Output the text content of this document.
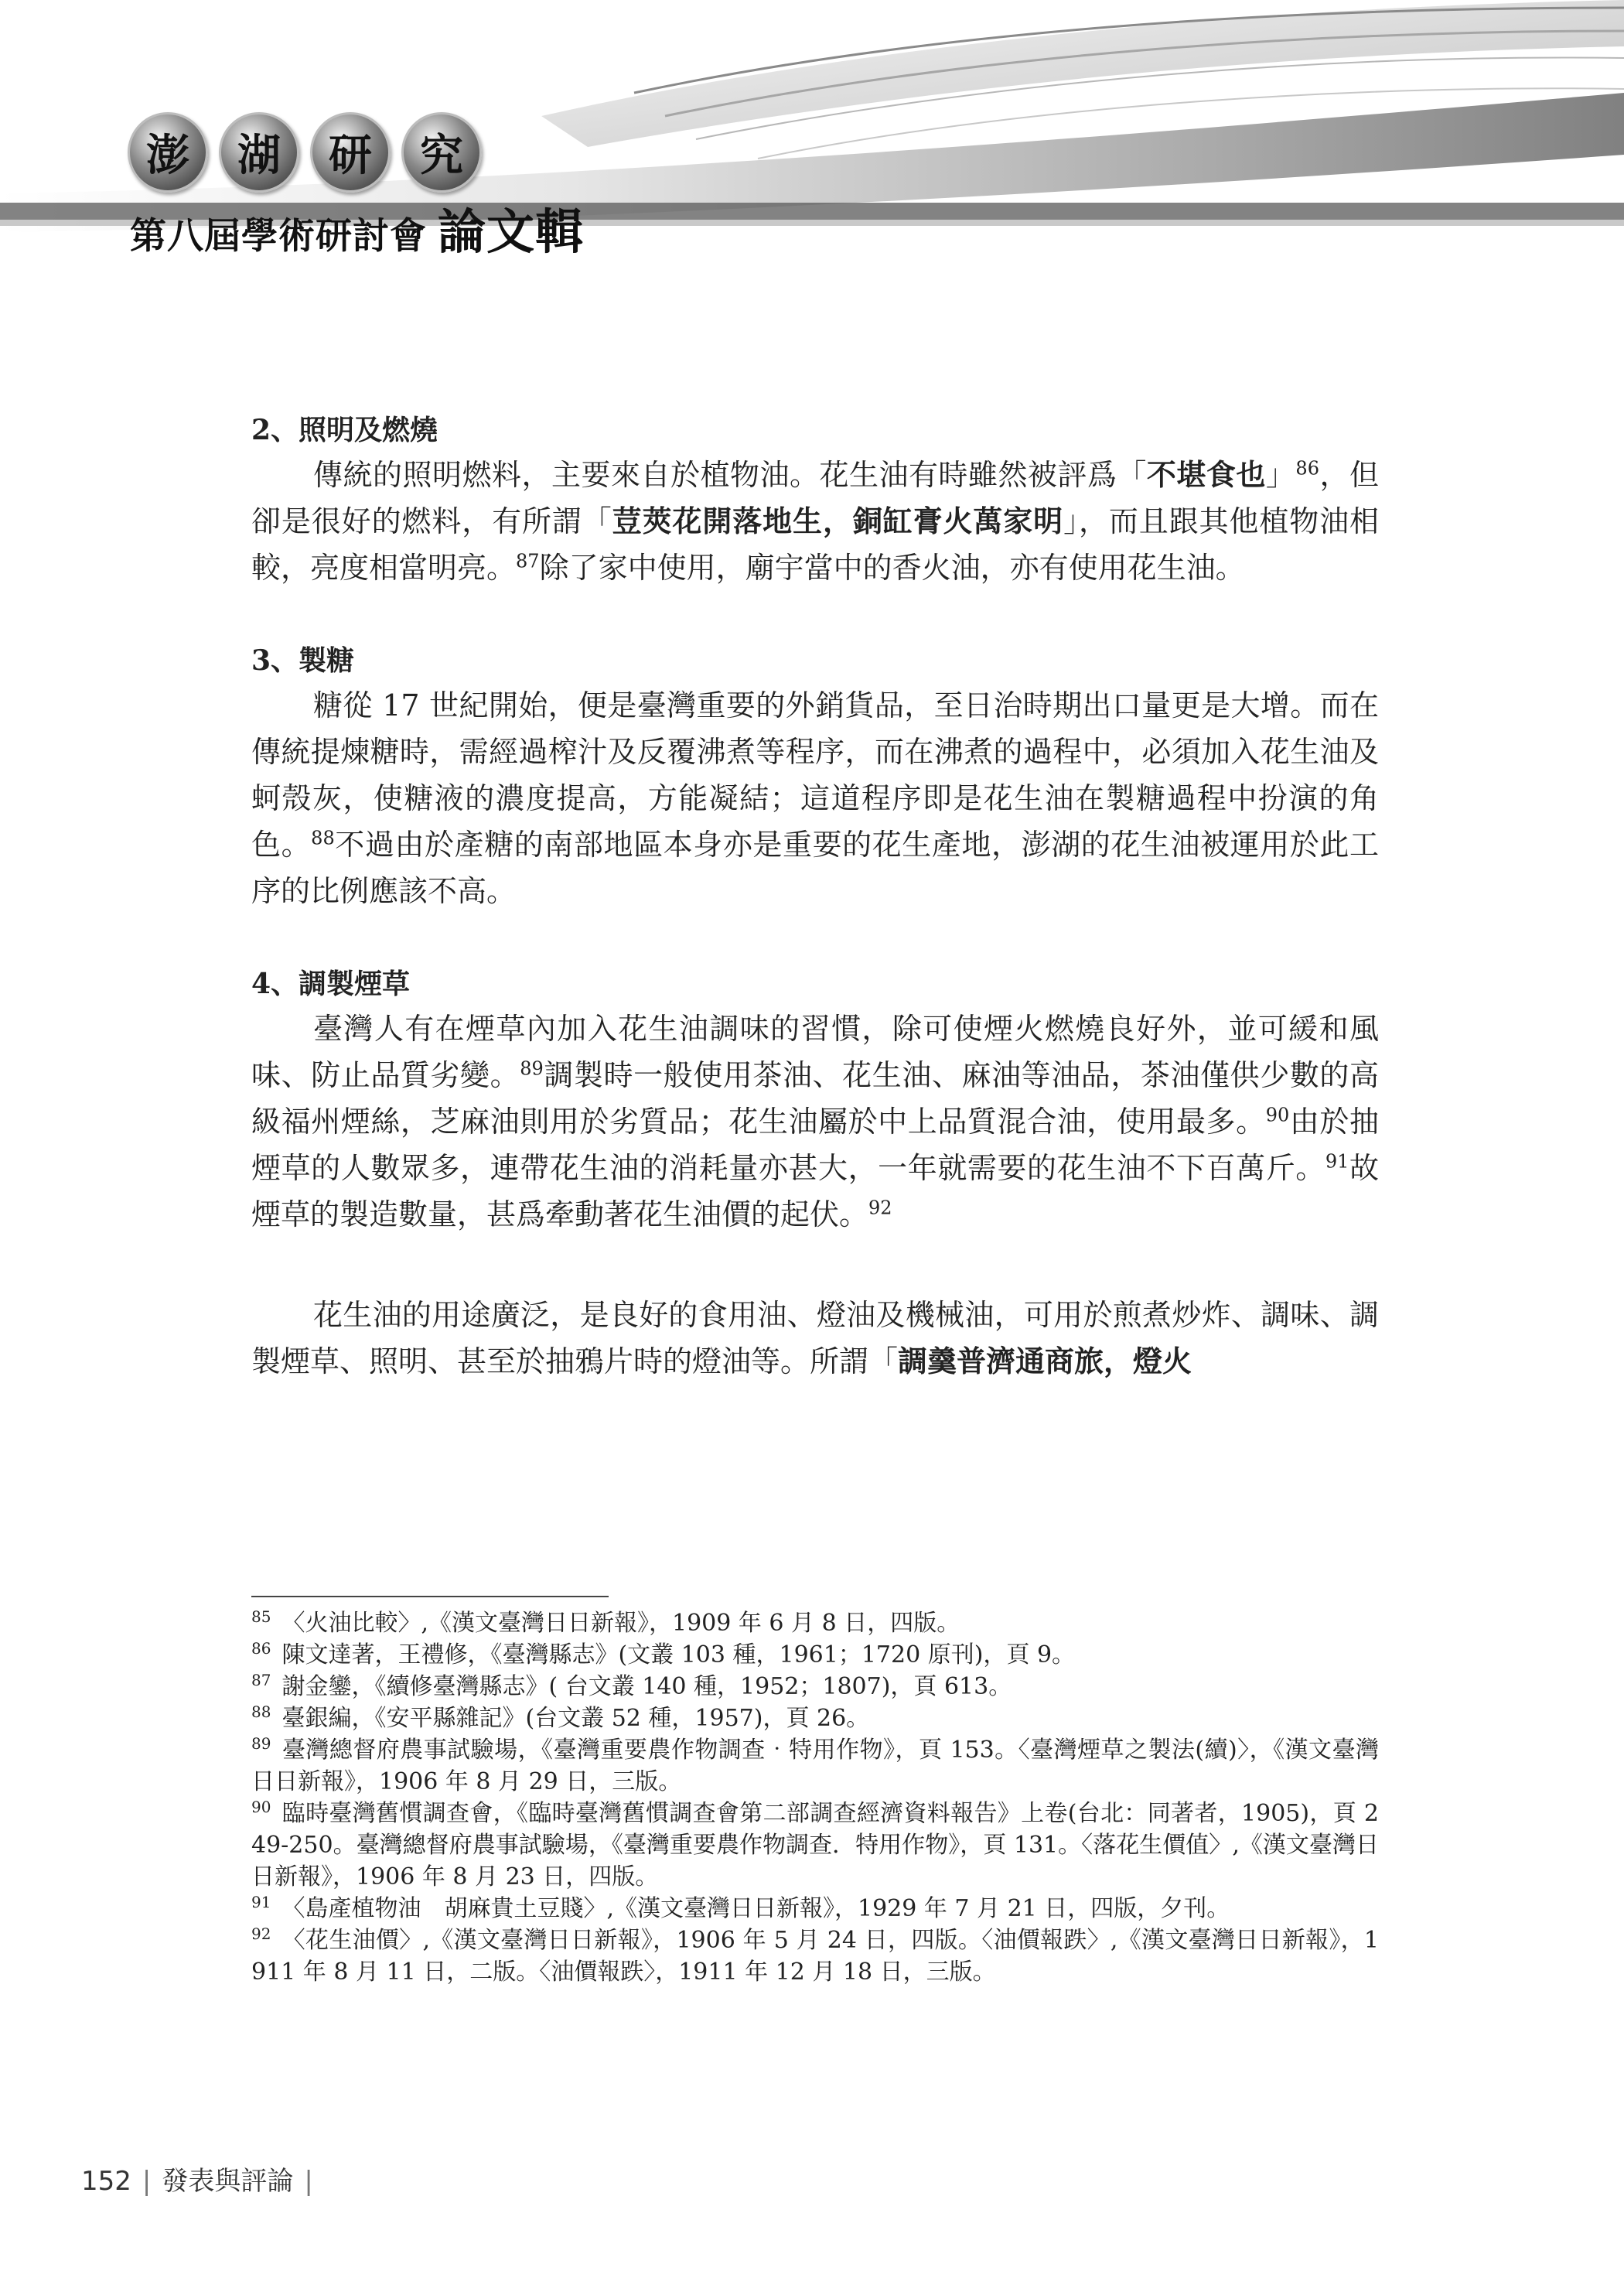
澎	湖	研	究
第八屆學術研討會 論文輯
2、照明及燃燒

傳統的照明燃料，主要來自於植物油。花生油有時雖然被評爲「不堪食也」$^{86}$，但卻是很好的燃料，有所謂「荳莢花開落地生，銅缸膏火萬家明」，而且跟其他植物油相較，亮度相當明亮。$^{87}$除了家中使用，廟宇當中的香火油，亦有使用花生油。

3、製糖

糖從 17 世紀開始，便是臺灣重要的外銷貨品，至日治時期出口量更是大增。而在傳統提煉糖時，需經過榨汁及反覆沸煮等程序，而在沸煮的過程中，必須加入花生油及蚵殼灰，使糖液的濃度提高，方能凝結；這道程序即是花生油在製糖過程中扮演的角色。$^{88}$不過由於產糖的南部地區本身亦是重要的花生產地，澎湖的花生油被運用於此工序的比例應該不高。

4、調製煙草

臺灣人有在煙草內加入花生油調味的習慣，除可使煙火燃燒良好外，並可緩和風味、防止品質劣變。$^{89}$調製時一般使用茶油、花生油、麻油等油品，茶油僅供少數的高級福州煙絲，芝麻油則用於劣質品；花生油屬於中上品質混合油，使用最多。$^{90}$由於抽煙草的人數眾多，連帶花生油的消耗量亦甚大，一年就需要的花生油不下百萬斤。$^{91}$故煙草的製造數量，甚爲牽動著花生油價的起伏。$^{92}$

花生油的用途廣泛，是良好的食用油、燈油及機械油，可用於煎煮炒炸、調味、調製煙草、照明、甚至於抽鴉片時的燈油等。所謂「調羹普濟通商旅，燈火

$^{85}$ 〈火油比較〉,《漢文臺灣日日新報》，1909 年 6 月 8 日，四版。

$^{86}$ 陳文達著，王禮修，《臺灣縣志》(文叢 103 種，1961；1720 原刊)，頁 9。

$^{87}$ 謝金鑾，《續修臺灣縣志》( 台文叢 140 種，1952；1807)，頁 613。

$^{88}$ 臺銀編，《安平縣雜記》(台文叢 52 種，1957)，頁 26。

$^{89}$ 臺灣總督府農事試驗場，《臺灣重要農作物調查‧特用作物》，頁 153。〈臺灣煙草之製法(續)〉，《漢文臺灣日日新報》，1906 年 8 月 29 日，三版。

$^{90}$ 臨時臺灣舊慣調查會，《臨時臺灣舊慣調查會第二部調查經濟資料報告》上卷(台北：同著者，1905)，頁 249-250。臺灣總督府農事試驗場，《臺灣重要農作物調查．特用作物》，頁 131。〈落花生價值〉,《漢文臺灣日日新報》，1906 年 8 月 23 日，四版。

$^{91}$ 〈島產植物油　胡麻貴土豆賤〉,《漢文臺灣日日新報》，1929 年 7 月 21 日，四版，夕刊。

$^{92}$ 〈花生油價〉,《漢文臺灣日日新報》，1906 年 5 月 24 日，四版。〈油價報跌〉,《漢文臺灣日日新報》，1911 年 8 月 11 日，二版。〈油價報跌〉，1911 年 12 月 18 日，三版。

152 | 發表與評論 |
